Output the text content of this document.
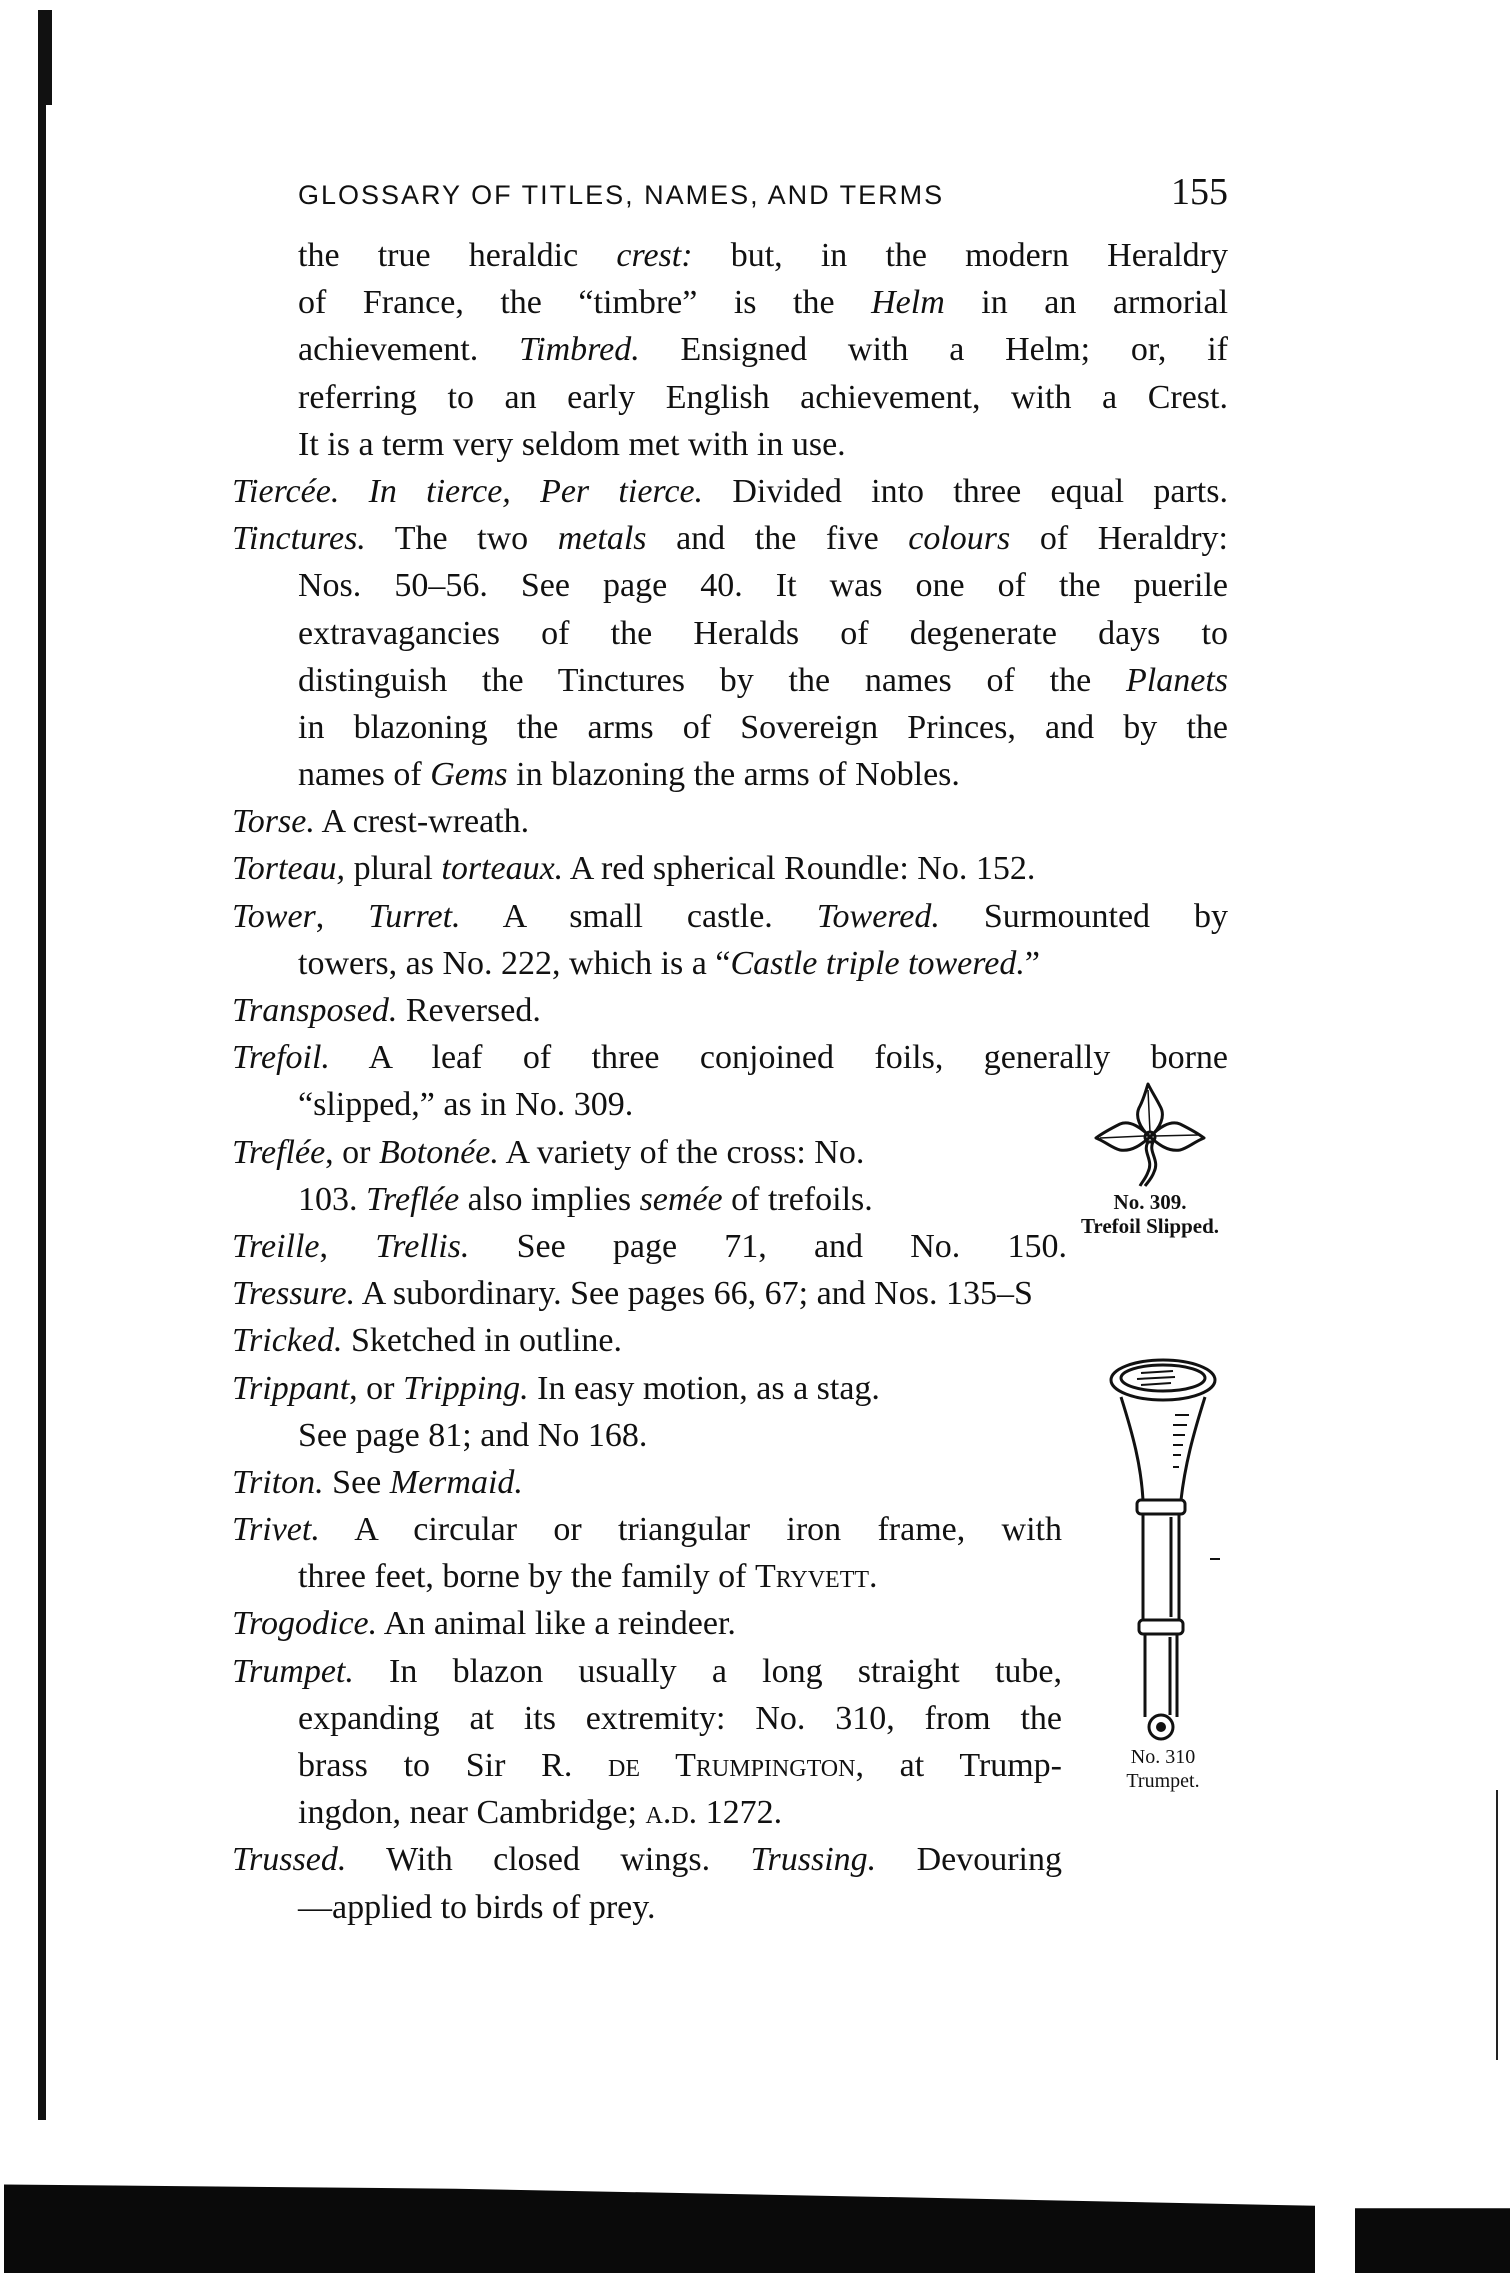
GLOSSARY OF TITLES, NAMES, AND TERMS	155
the true heraldic crest: but, in the modern Heraldry
of France, the “timbre” is the Helm in an armorial
achievement. Timbred. Ensigned with a Helm; or, if
referring to an early English achievement, with a Crest.
It is a term very seldom met with in use.
Tiercée. In tierce, Per tierce. Divided into three equal parts.
Tinctures. The two metals and the five colours of Heraldry:
Nos. 50–56. See page 40. It was one of the puerile
extravagancies of the Heralds of degenerate days to
distinguish the Tinctures by the names of the Planets
in blazoning the arms of Sovereign Princes, and by the
names of Gems in blazoning the arms of Nobles.
Torse. A crest-wreath.
Torteau, plural torteaux. A red spherical Roundle: No. 152.
Tower, Turret. A small castle. Towered. Surmounted by
towers, as No. 222, which is a “Castle triple towered.”
Transposed. Reversed.
Trefoil. A leaf of three conjoined foils, generally borne
“slipped,” as in No. 309.
Treflée, or Botonée. A variety of the cross: No.
103. Treflée also implies semée of trefoils.
Treille, Trellis. See page 71, and No. 150.
Tressure. A subordinary. See pages 66, 67; and Nos. 135–S
Tricked. Sketched in outline.
Trippant, or Tripping. In easy motion, as a stag.
See page 81; and No 168.
Triton. See Mermaid.
Trivet. A circular or triangular iron frame, with
three feet, borne by the family of Tryvett.
Trogodice. An animal like a reindeer.
Trumpet. In blazon usually a long straight tube,
expanding at its extremity: No. 310, from the
brass to Sir R. de Trumpington, at Trump-
ingdon, near Cambridge; a.d. 1272.
Trussed. With closed wings. Trussing. Devouring
—applied to birds of prey.
No. 309.
Trefoil Slipped.
No. 310
Trumpet.
